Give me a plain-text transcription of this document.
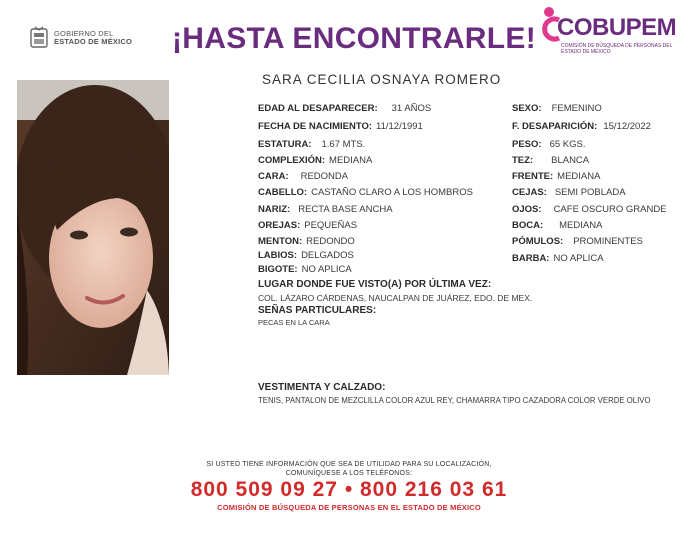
GOBIERNO DEL
ESTADO DE MÉXICO ¡HASTA ENCONTRARLE! COBUPEM
COMISIÓN DE BÚSQUEDA DE PERSONAS DEL ESTADO DE MÉXICO
SARA CECILIA OSNAYA ROMERO
EDAD AL DESAPARECER: 31 AÑOS
FECHA DE NACIMIENTO: 11/12/1991
ESTATURA: 1.67 MTS.
COMPLEXIÓN: MEDIANA
CARA: REDONDA
CABELLO: CASTAÑO CLARO A LOS HOMBROS
NARIZ: RECTA BASE ANCHA
OREJAS: PEQUEÑAS
MENTON: REDONDO
LABIOS: DELGADOS
BIGOTE: NO APLICA
SEXO: FEMENINO
F. DESAPARICIÓN: 15/12/2022
PESO: 65 KGS.
TEZ: BLANCA
FRENTE: MEDIANA
CEJAS: SEMI POBLADA
OJOS: CAFE OSCURO GRANDE
BOCA: MEDIANA
PÓMULOS: PROMINENTES
BARBA: NO APLICA
LUGAR DONDE FUE VISTO(A) POR ÚLTIMA VEZ:
COL. LÁZARO CÁRDENAS, NAUCALPAN DE JUÁREZ, EDO. DE MEX.
SEÑAS PARTICULARES:
PECAS EN LA CARA
VESTIMENTA Y CALZADO:
TENIS, PANTALON DE MEZCLILLA COLOR AZUL REY, CHAMARRA TIPO CAZADORA COLOR VERDE OLIVO
SI USTED TIENE INFORMACIÓN QUE SEA DE UTILIDAD PARA SU LOCALIZACIÓN,
COMUNÍQUESE A LOS TELÉFONOS:
800 509 09 27 • 800 216 03 61
COMISIÓN DE BÚSQUEDA DE PERSONAS EN EL ESTADO DE MÉXICO
